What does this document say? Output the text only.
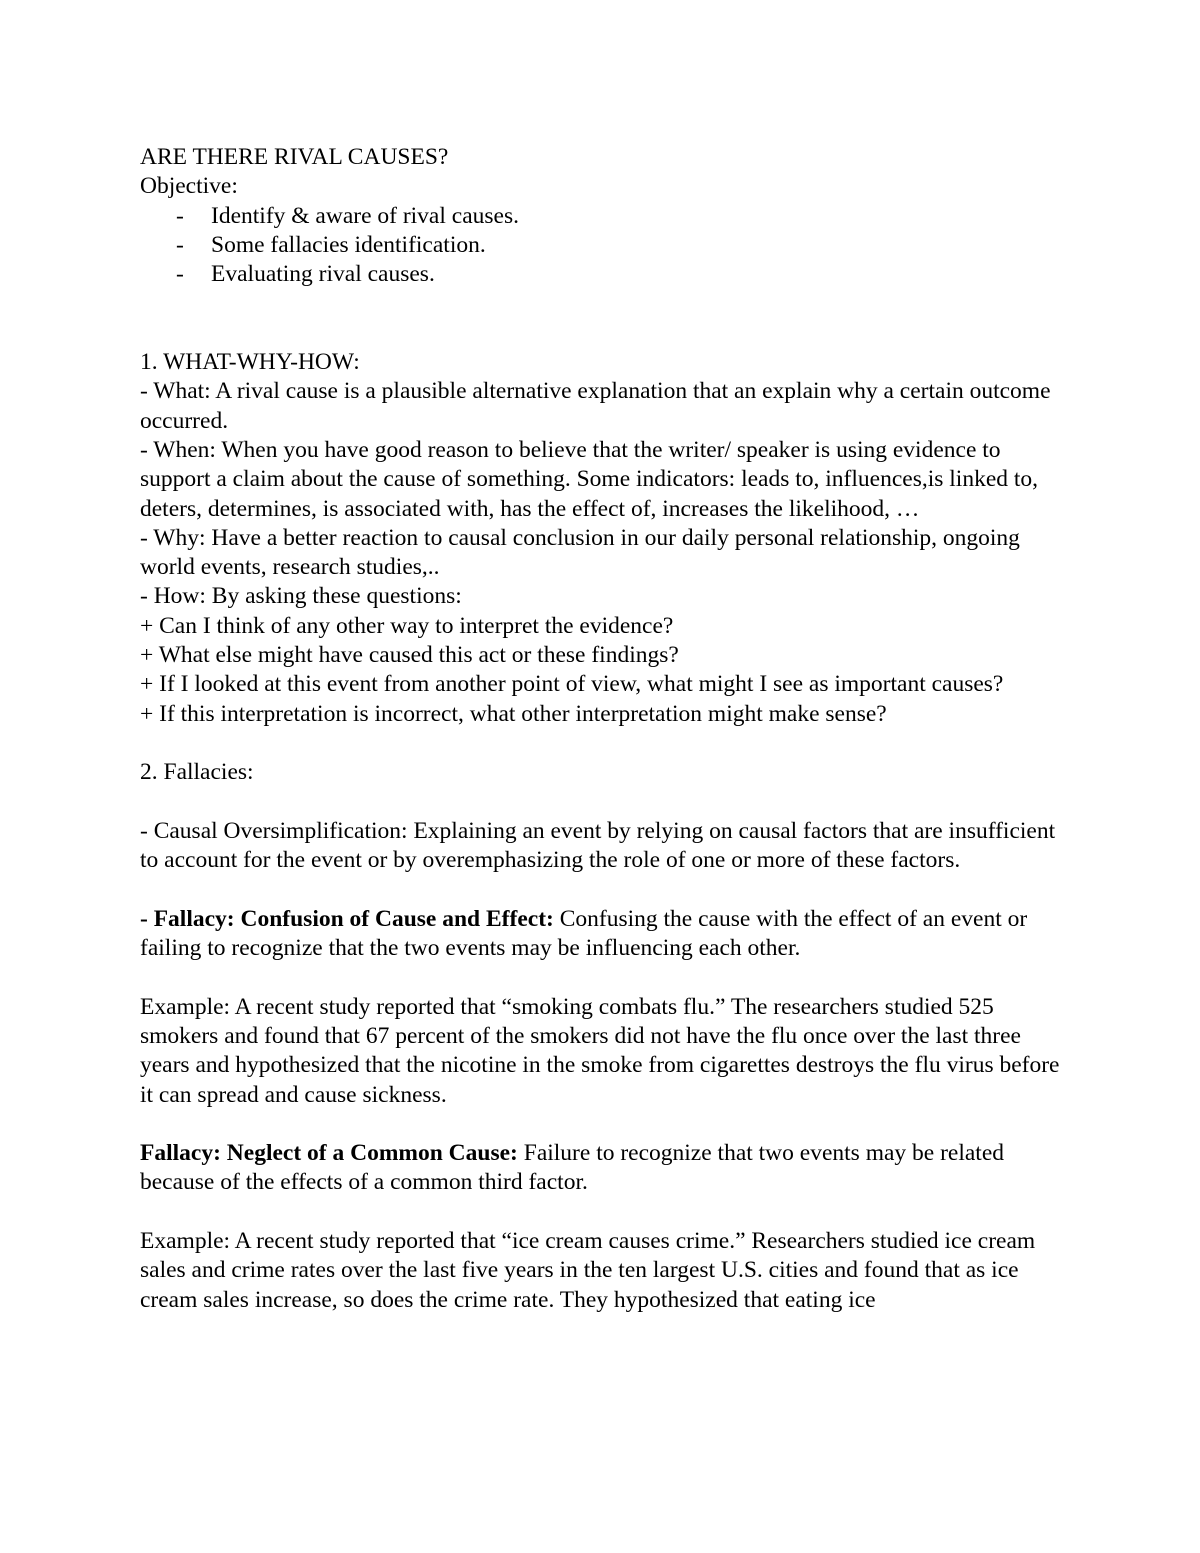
ARE THERE RIVAL CAUSES?
Objective:
- Identify & aware of rival causes.
- Some fallacies identification.
- Evaluating rival causes.
1. WHAT-WHY-HOW:

- What: A rival cause is a plausible alternative explanation that an explain why a certain outcome occurred.

- When: When you have good reason to believe that the writer/ speaker is using evidence to support a claim about the cause of something. Some indicators: leads to, influences,is linked to, deters, determines, is associated with, has the effect of, increases the likelihood, …

- Why: Have a better reaction to causal conclusion in our daily personal relationship, ongoing world events, research studies,..

- How: By asking these questions:

+ Can I think of any other way to interpret the evidence?

+ What else might have caused this act or these findings?

+ If I looked at this event from another point of view, what might I see as important causes?

+ If this interpretation is incorrect, what other interpretation might make sense?

2. Fallacies:

- Causal Oversimplification: Explaining an event by relying on causal factors that are insufficient to account for the event or by overemphasizing the role of one or more of these factors.

- Fallacy: Confusion of Cause and Effect: Confusing the cause with the effect of an event or failing to recognize that the two events may be influencing each other.

Example: A recent study reported that “smoking combats flu.” The researchers studied 525 smokers and found that 67 percent of the smokers did not have the flu once over the last three years and hypothesized that the nicotine in the smoke from cigarettes destroys the flu virus before it can spread and cause sickness.

Fallacy: Neglect of a Common Cause: Failure to recognize that two events may be related because of the effects of a common third factor.

Example: A recent study reported that “ice cream causes crime.” Researchers studied ice cream sales and crime rates over the last five years in the ten largest U.S. cities and found that as ice cream sales increase, so does the crime rate. They hypothesized that eating ice
